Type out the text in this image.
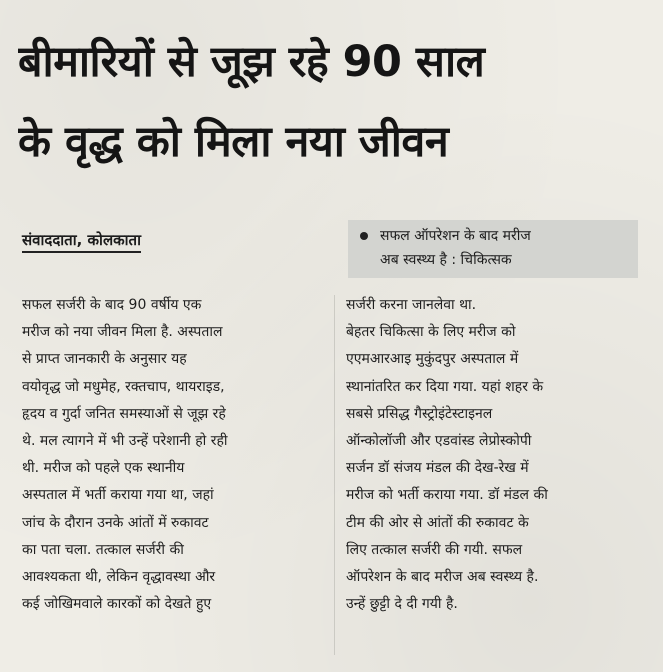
बीमारियों से जूझ रहे 90 साल
के वृद्ध को मिला नया जीवन
संवाददाता, कोलकाता	सफल ऑपरेशन के बाद मरीज
अब स्वस्थ्य है : चिकित्सक
सफल सर्जरी के बाद 90 वर्षीय एक
मरीज को नया जीवन मिला है. अस्पताल
से प्राप्त जानकारी के अनुसार यह
वयोवृद्ध जो मधुमेह, रक्तचाप, थायराइड,
हृदय व गुर्दा जनित समस्याओं से जूझ रहे
थे. मल त्यागने में भी उन्हें परेशानी हो रही
थी. मरीज को पहले एक स्थानीय
अस्पताल में भर्ती कराया गया था, जहां
जांच के दौरान उनके आंतों में रुकावट
का पता चला. तत्काल सर्जरी की
आवश्यकता थी, लेकिन वृद्धावस्था और
कई जोखिमवाले कारकों को देखते हुए
सर्जरी करना जानलेवा था.
बेहतर चिकित्सा के लिए मरीज को
एएमआरआइ मुकुंदपुर अस्पताल में
स्थानांतरित कर दिया गया. यहां शहर के
सबसे प्रसिद्ध गैस्ट्रोइंटेस्टाइनल
ऑन्कोलॉजी और एडवांस्ड लेप्रोस्कोपी
सर्जन डॉ संजय मंडल की देख-रेख में
मरीज को भर्ती कराया गया. डॉ मंडल की
टीम की ओर से आंतों की रुकावट के
लिए तत्काल सर्जरी की गयी. सफल
ऑपरेशन के बाद मरीज अब स्वस्थ्य है.
उन्हें छुट्टी दे दी गयी है.
